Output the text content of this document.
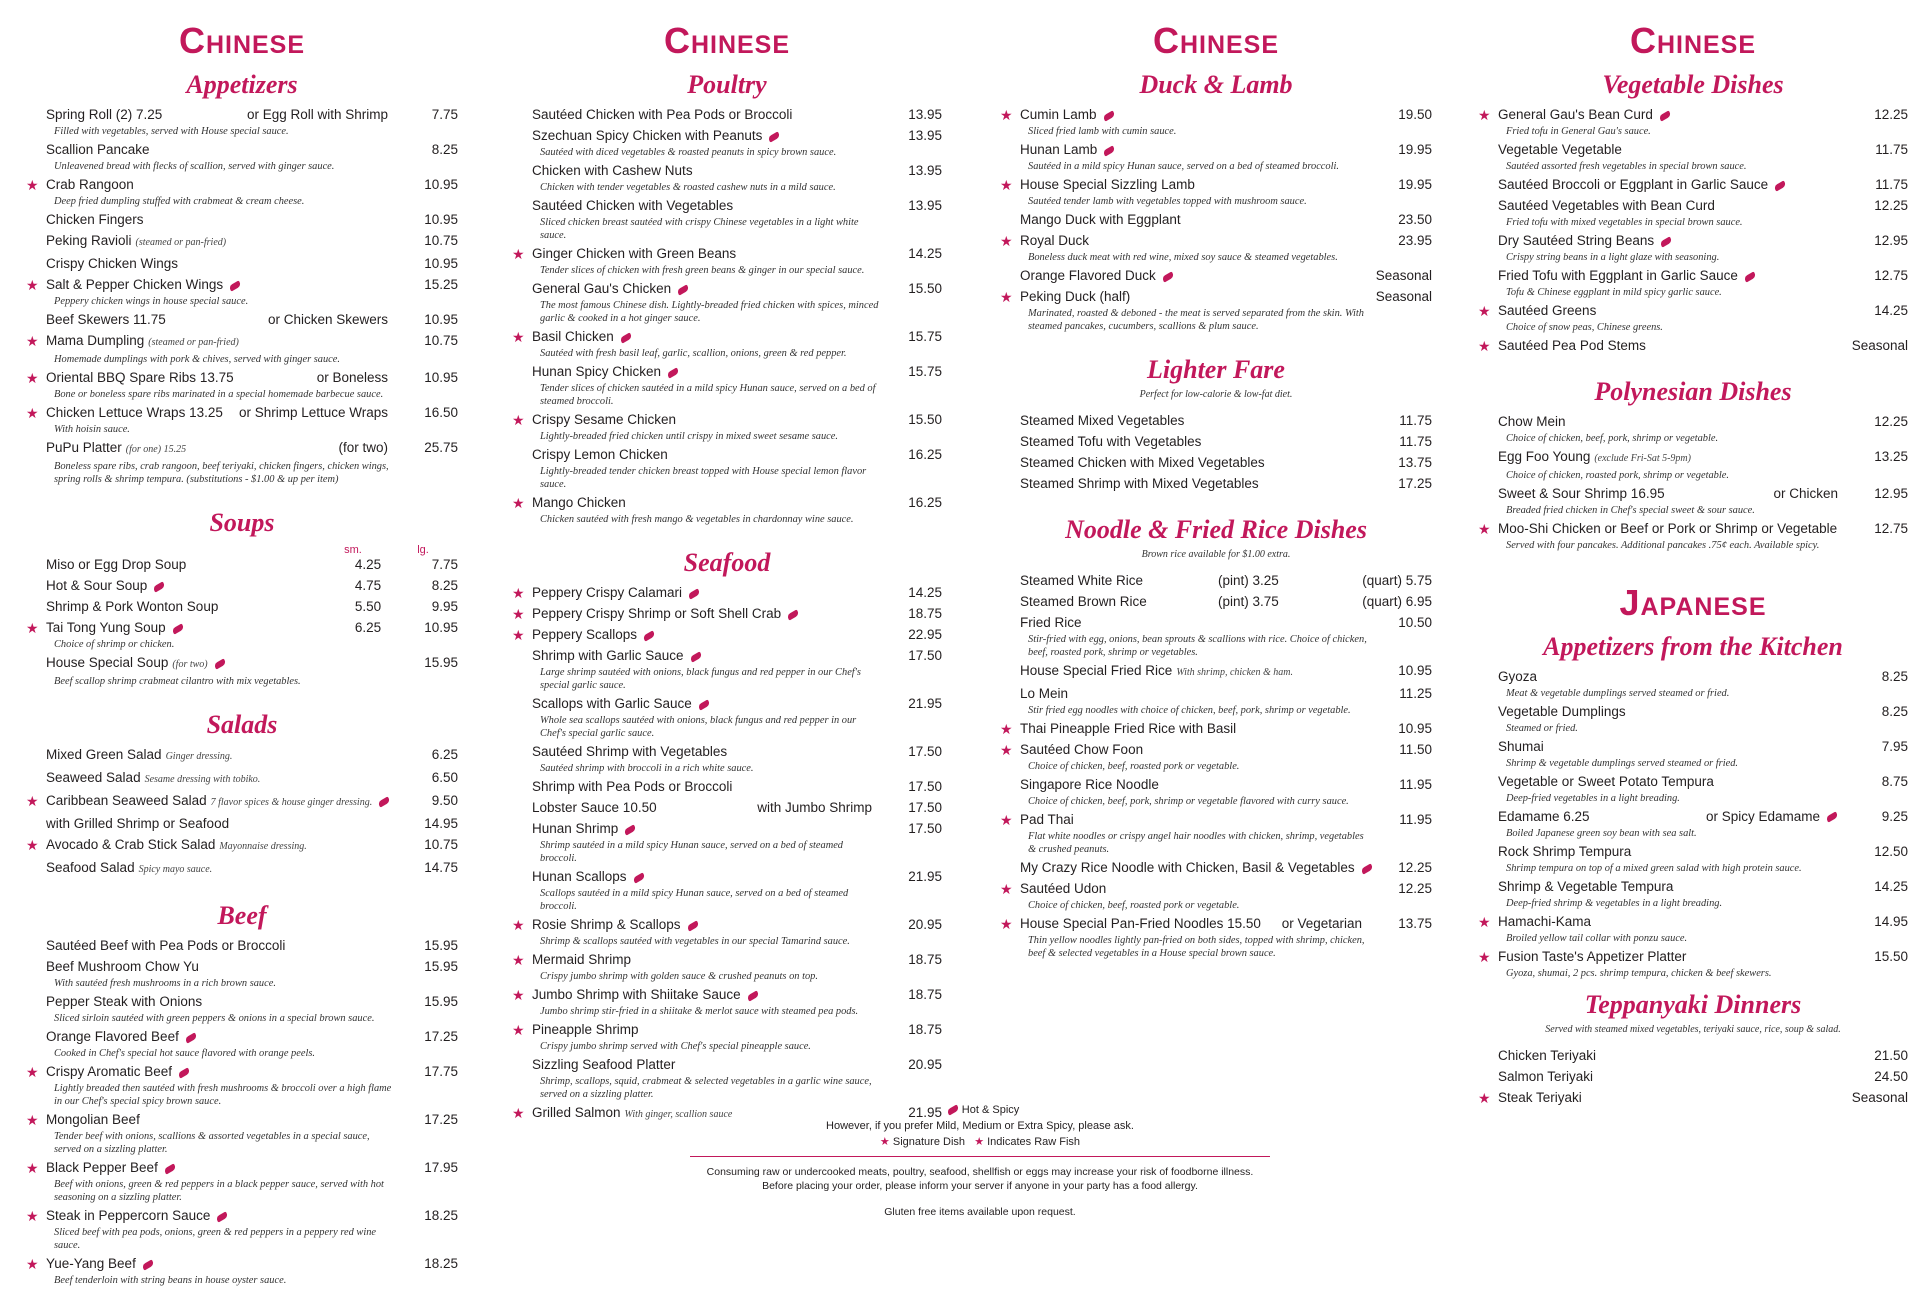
Chinese
Appetizers
Spring Roll (2) 7.25	or Egg Roll with Shrimp	7.75
Filled with vegetables, served with House special sauce.
Scallion Pancake	8.25
Unleavened bread with flecks of scallion, served with ginger sauce.
★ Crab Rangoon	10.95
Deep fried dumpling stuffed with crabmeat & cream cheese.
Chicken Fingers	10.95
Peking Ravioli (steamed or pan-fried)	10.75
Crispy Chicken Wings	10.95
★ Salt & Pepper Chicken Wings	15.25
Peppery chicken wings in house special sauce.
Beef Skewers 11.75	or Chicken Skewers	10.95
★ Mama Dumpling (steamed or pan-fried)	10.75
Homemade dumplings with pork & chives, served with ginger sauce.
★ Oriental BBQ Spare Ribs 13.75	or Boneless	10.95
Bone or boneless spare ribs marinated in a special homemade barbecue sauce.
★ Chicken Lettuce Wraps 13.25 or Shrimp Lettuce Wraps	16.50
With hoisin sauce.
PuPu Platter (for one) 15.25	(for two)	25.75
Boneless spare ribs, crab rangoon, beef teriyaki, chicken fingers, chicken wings, spring rolls & shrimp tempura. (substitutions - $1.00 & up per item)
Soups
sm.	lg.
Miso or Egg Drop Soup	4.25	7.75
Hot & Sour Soup	4.75	8.25
Shrimp & Pork Wonton Soup	5.50	9.95
★ Tai Tong Yung Soup	6.25	10.95
Choice of shrimp or chicken.
House Special Soup (for two)	15.95
Beef scallop shrimp crabmeat cilantro with mix vegetables.
Salads
Mixed Green Salad Ginger dressing.	6.25
Seaweed Salad Sesame dressing with tobiko.	6.50
★ Caribbean Seaweed Salad 7 flavor spices & house ginger dressing.	9.50
with Grilled Shrimp or Seafood	14.95
★ Avocado & Crab Stick Salad Mayonnaise dressing.	10.75
Seafood Salad Spicy mayo sauce.	14.75
Beef
Sautéed Beef with Pea Pods or Broccoli	15.95
Beef Mushroom Chow Yu	15.95
With sautéed fresh mushrooms in a rich brown sauce.
Pepper Steak with Onions	15.95
Sliced sirloin sautéed with green peppers & onions in a special brown sauce.
Orange Flavored Beef	17.25
Cooked in Chef's special hot sauce flavored with orange peels.
★ Crispy Aromatic Beef	17.75
Lightly breaded then sautéed with fresh mushrooms & broccoli over a high flame in our Chef's special spicy brown sauce.
★ Mongolian Beef	17.25
Tender beef with onions, scallions & assorted vegetables in a special sauce, served on a sizzling platter.
★ Black Pepper Beef	17.95
Beef with onions, green & red peppers in a black pepper sauce, served with hot seasoning on a sizzling platter.
★ Steak in Peppercorn Sauce	18.25
Sliced beef with pea pods, onions, green & red peppers in a peppery red wine sauce.
★ Yue-Yang Beef	18.25
Beef tenderloin with string beans in house oyster sauce.
Chinese
Poultry
Sautéed Chicken with Pea Pods or Broccoli	13.95
Szechuan Spicy Chicken with Peanuts	13.95
Sautéed with diced vegetables & roasted peanuts in spicy brown sauce.
Chicken with Cashew Nuts	13.95
Chicken with tender vegetables & roasted cashew nuts in a mild sauce.
Sautéed Chicken with Vegetables	13.95
Sliced chicken breast sautéed with crispy Chinese vegetables in a light white sauce.
★ Ginger Chicken with Green Beans	14.25
Tender slices of chicken with fresh green beans & ginger in our special sauce.
General Gau's Chicken	15.50
The most famous Chinese dish. Lightly-breaded fried chicken with spices, minced garlic & cooked in a hot ginger sauce.
★ Basil Chicken	15.75
Sautéed with fresh basil leaf, garlic, scallion, onions, green & red pepper.
Hunan Spicy Chicken	15.75
Tender slices of chicken sautéed in a mild spicy Hunan sauce, served on a bed of steamed broccoli.
★ Crispy Sesame Chicken	15.50
Lightly-breaded fried chicken until crispy in mixed sweet sesame sauce.
Crispy Lemon Chicken	16.25
Lightly-breaded tender chicken breast topped with House special lemon flavor sauce.
★ Mango Chicken	16.25
Chicken sautéed with fresh mango & vegetables in chardonnay wine sauce.
Seafood
★ Peppery Crispy Calamari	14.25
★ Peppery Crispy Shrimp or Soft Shell Crab	18.75
★ Peppery Scallops	22.95
Shrimp with Garlic Sauce	17.50
Large shrimp sautéed with onions, black fungus and red pepper in our Chef's special garlic sauce.
Scallops with Garlic Sauce	21.95
Whole sea scallops sautéed with onions, black fungus and red pepper in our Chef's special garlic sauce.
Sautéed Shrimp with Vegetables	17.50
Sautéed shrimp with broccoli in a rich white sauce.
Shrimp with Pea Pods or Broccoli	17.50
Lobster Sauce 10.50	with Jumbo Shrimp	17.50
Hunan Shrimp	17.50
Shrimp sautéed in a mild spicy Hunan sauce, served on a bed of steamed broccoli.
Hunan Scallops	21.95
Scallops sautéed in a mild spicy Hunan sauce, served on a bed of steamed broccoli.
★ Rosie Shrimp & Scallops	20.95
Shrimp & scallops sautéed with vegetables in our special Tamarind sauce.
★ Mermaid Shrimp	18.75
Crispy jumbo shrimp with golden sauce & crushed peanuts on top.
★ Jumbo Shrimp with Shiitake Sauce	18.75
Jumbo shrimp stir-fried in a shiitake & merlot sauce with steamed pea pods.
★ Pineapple Shrimp	18.75
Crispy jumbo shrimp served with Chef's special pineapple sauce.
Sizzling Seafood Platter	20.95
Shrimp, scallops, squid, crabmeat & selected vegetables in a garlic wine sauce, served on a sizzling platter.
★ Grilled Salmon With ginger, scallion sauce	21.95
Chinese
Duck & Lamb
★ Cumin Lamb	19.50
Sliced fried lamb with cumin sauce.
Hunan Lamb	19.95
Sautéed in a mild spicy Hunan sauce, served on a bed of steamed broccoli.
★ House Special Sizzling Lamb	19.95
Sautéed tender lamb with vegetables topped with mushroom sauce.
Mango Duck with Eggplant	23.50
★ Royal Duck	23.95
Boneless duck meat with red wine, mixed soy sauce & steamed vegetables.
Orange Flavored Duck	Seasonal
★ Peking Duck (half)	Seasonal
Marinated, roasted & deboned - the meat is served separated from the skin. With steamed pancakes, cucumbers, scallions & plum sauce.
Lighter Fare
Perfect for low-calorie & low-fat diet.
Steamed Mixed Vegetables	11.75
Steamed Tofu with Vegetables	11.75
Steamed Chicken with Mixed Vegetables	13.75
Steamed Shrimp with Mixed Vegetables	17.25
Noodle & Fried Rice Dishes
Brown rice available for $1.00 extra.
Steamed White Rice	(pint) 3.25	(quart) 5.75
Steamed Brown Rice	(pint) 3.75	(quart) 6.95
Fried Rice	10.50
Stir-fried with egg, onions, bean sprouts & scallions with rice. Choice of chicken, beef, roasted pork, shrimp or vegetables.
House Special Fried Rice With shrimp, chicken & ham.	10.95
Lo Mein	11.25
Stir fried egg noodles with choice of chicken, beef, pork, shrimp or vegetable.
★ Thai Pineapple Fried Rice with Basil	10.95
★ Sautéed Chow Foon	11.50
Choice of chicken, beef, roasted pork or vegetable.
Singapore Rice Noodle	11.95
Choice of chicken, beef, pork, shrimp or vegetable flavored with curry sauce.
★ Pad Thai	11.95
Flat white noodles or crispy angel hair noodles with chicken, shrimp, vegetables & crushed peanuts.
My Crazy Rice Noodle with Chicken, Basil & Vegetables	12.25
★ Sautéed Udon	12.25
Choice of chicken, beef, roasted pork or vegetable.
★ House Special Pan-Fried Noodles 15.50 or Vegetarian	13.75
Thin yellow noodles lightly pan-fried on both sides, topped with shrimp, chicken, beef & selected vegetables in a House special brown sauce.
Chinese
Vegetable Dishes
★ General Gau's Bean Curd	12.25
Fried tofu in General Gau's sauce.
Vegetable Vegetable	11.75
Sautéed assorted fresh vegetables in special brown sauce.
Sautéed Broccoli or Eggplant in Garlic Sauce	11.75
Sautéed Vegetables with Bean Curd	12.25
Fried tofu with mixed vegetables in special brown sauce.
Dry Sautéed String Beans	12.95
Crispy string beans in a light glaze with seasoning.
Fried Tofu with Eggplant in Garlic Sauce	12.75
Tofu & Chinese eggplant in mild spicy garlic sauce.
★ Sautéed Greens	14.25
Choice of snow peas, Chinese greens.
★ Sautéed Pea Pod Stems	Seasonal
Polynesian Dishes
Chow Mein	12.25
Choice of chicken, beef, pork, shrimp or vegetable.
Egg Foo Young (exclude Fri-Sat 5-9pm)	13.25
Choice of chicken, roasted pork, shrimp or vegetable.
Sweet & Sour Shrimp 16.95	or Chicken	12.95
Breaded fried chicken in Chef's special sweet & sour sauce.
★ Moo-Shi Chicken or Beef or Pork or Shrimp or Vegetable	12.75
Served with four pancakes. Additional pancakes .75¢ each. Available spicy.
Japanese
Appetizers from the Kitchen
Gyoza	8.25
Meat & vegetable dumplings served steamed or fried.
Vegetable Dumplings	8.25
Steamed or fried.
Shumai	7.95
Shrimp & vegetable dumplings served steamed or fried.
Vegetable or Sweet Potato Tempura	8.75
Deep-fried vegetables in a light breading.
Edamame 6.25	or Spicy Edamame	9.25
Boiled Japanese green soy bean with sea salt.
Rock Shrimp Tempura	12.50
Shrimp tempura on top of a mixed green salad with high protein sauce.
Shrimp & Vegetable Tempura	14.25
Deep-fried shrimp & vegetables in a light breading.
★ Hamachi-Kama	14.95
Broiled yellow tail collar with ponzu sauce.
★ Fusion Taste's Appetizer Platter	15.50
Gyoza, shumai, 2 pcs. shrimp tempura, chicken & beef skewers.
Teppanyaki Dinners
Served with steamed mixed vegetables, teriyaki sauce, rice, soup & salad.
Chicken Teriyaki	21.50
Salmon Teriyaki	24.50
★ Steak Teriyaki	Seasonal
Hot & Spicy
However, if you prefer Mild, Medium or Extra Spicy, please ask.
★ Signature Dish ★ Indicates Raw Fish
Consuming raw or undercooked meats, poultry, seafood, shellfish or eggs may increase your risk of foodborne illness.
Before placing your order, please inform your server if anyone in your party has a food allergy.
Gluten free items available upon request.
